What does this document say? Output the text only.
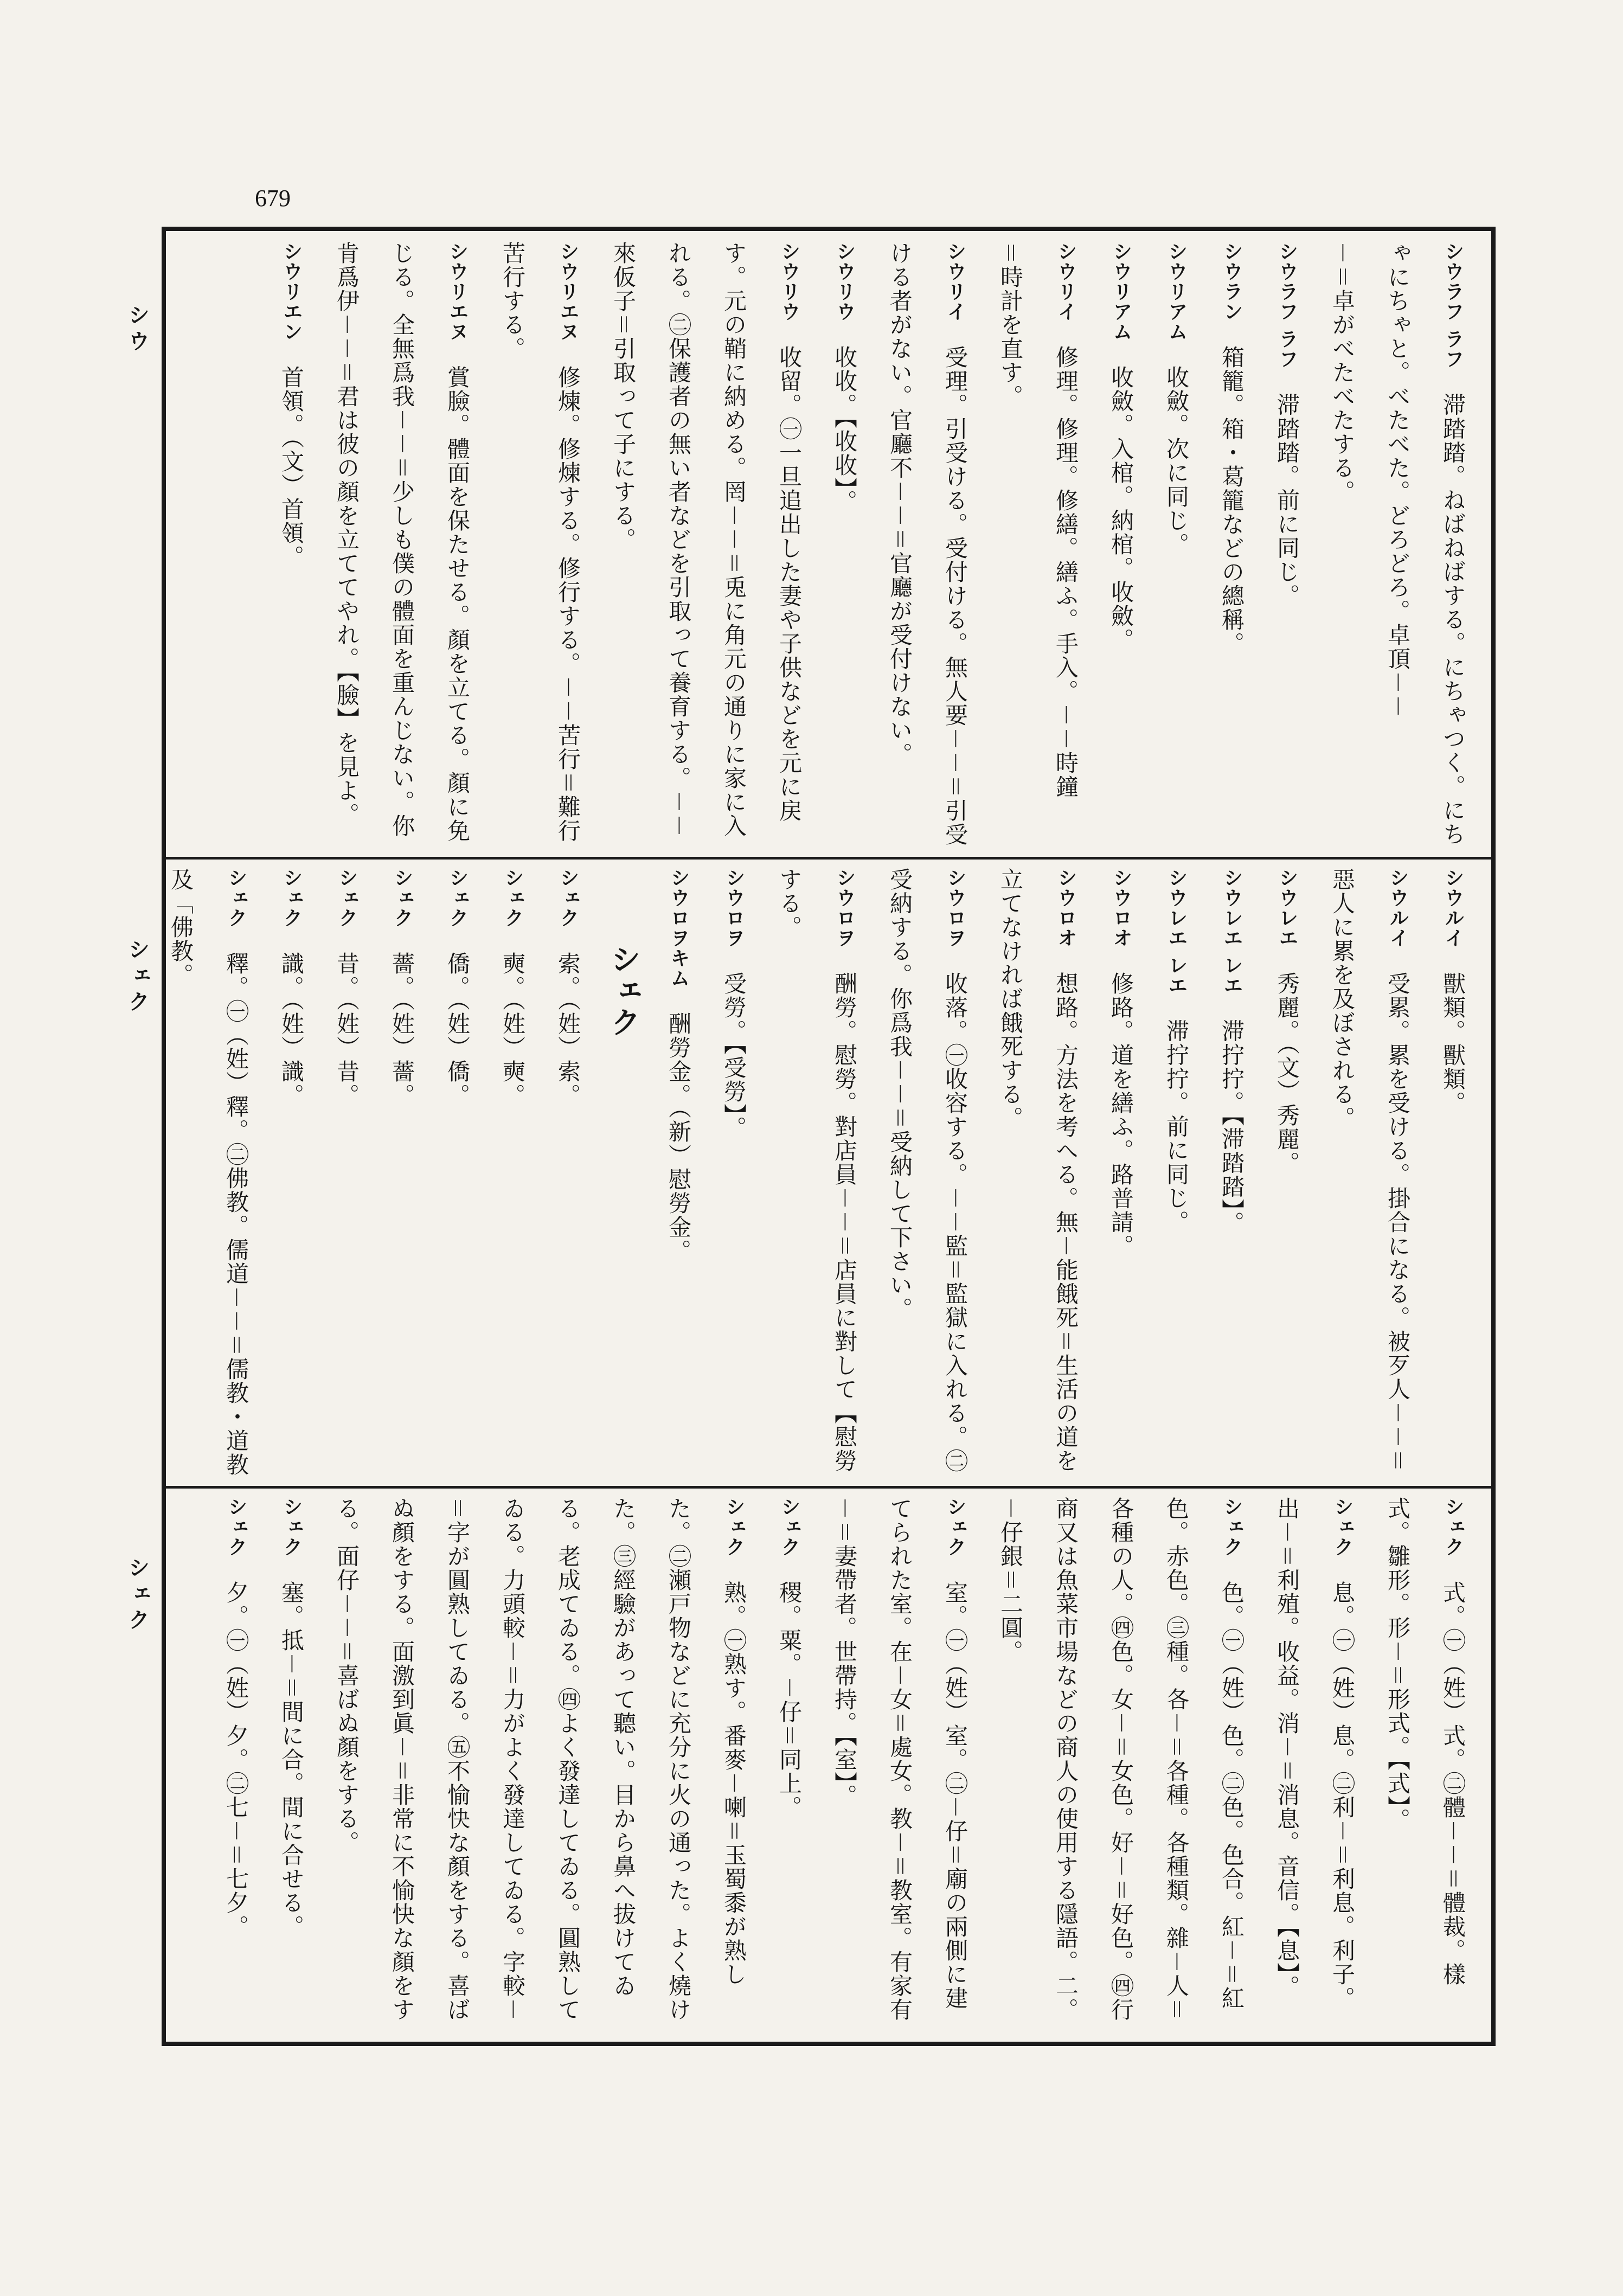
679
シウ
シェク
シェク
シウラフ ラフ　滞踏踏。ねばねばする。にちゃつく。にちゃにちゃと。べたべた。どろどろ。卓頂－－
－＝卓がべたべたする。
シウラフ ラフ　滞踏踏。前に同じ。
シウラン　箱籠。箱・葛籠などの總稱。
シウリアム　收斂。次に同じ。
シウリアム　收斂。入棺。納棺。收斂。
シウリイ　修理。修理。修繕。繕ふ。手入。－－時鐘
＝時計を直す。
シウリイ　受理。引受ける。受付ける。無人要－－＝引受ける者がない。官廳不－－＝官廳が受付けない。
シウリウ　收收。【收收】。
シウリウ　收留。㊀一旦追出した妻や子供などを元に戻す。元の鞘に納める。罔－－＝兎に角元の通りに家に入れる。㊁保護者の無い者などを引取って養育する。－－來仮子＝引取って子にする。
シウリエヌ　修煉。修煉する。修行する。－－苦行＝難行苦行する。
シウリエヌ　賞臉。體面を保たせる。顏を立てる。顏に免じる。全無爲我－－＝少しも僕の體面を重んじない。你肯爲伊－－＝君は彼の顏を立ててやれ。【臉】を見よ。
シウリエン　首領。（文）首領。
シウルイ　獸類。獸類。
シウルイ　受累。累を受ける。掛合になる。被歹人－－＝惡人に累を及ぼされる。
シウレエ　秀麗。（文）秀麗。
シウレエ レエ　滞拧拧。【滞踏踏】。
シウレエ レエ　滞拧拧。前に同じ。
シウロオ　修路。道を繕ふ。路普請。
シウロオ　想路。方法を考へる。無－能餓死＝生活の道を立てなければ餓死する。
シウロヲ　收落。㊀收容する。－－監＝監獄に入れる。㊁受納する。你爲我－－＝受納して下さい。
シウロヲ　酬勞。慰勞。對店員－－＝店員に對して【慰勞する。
シウロヲ　受勞。【受勞】。
シウロヲキム　酬勞金。（新）慰勞金。
シェク
シェク　索。（姓）索。
シェク　奭。（姓）奭。
シェク　僑。（姓）僑。
シェク　薔。（姓）薔。
シェク　昔。（姓）昔。
シェク　識。（姓）識。
シェク　釋。㊀（姓）釋。㊁佛教。儒道－－＝儒教・道教及「佛教。
シェク　式。㊀（姓）式。㊁體－－＝體裁。樣式。雛形。形－＝形式。【式】。
シェク　息。㊀（姓）息。㊁利－＝利息。利子。出－＝利殖。收益。消－＝消息。音信。【息】。
シェク　色。㊀（姓）色。㊁色。色合。紅－＝紅色。赤色。㊂種。各－＝各種。各種類。雜－人＝各種の人。㊃色。女－＝女色。好－＝好色。㊃行商又は魚菜市場などの商人の使用する隱語。二。－仔銀＝二圓。
シェク　室。㊀（姓）室。㊁－仔＝廟の兩側に建てられた室。在－女＝處女。教－＝教室。有家有－＝妻帶者。世帶持。【室】。
シェク　稷。粟。－仔＝同上。
シェク　熟。㊀熟す。番麥－喇＝玉蜀黍が熟した。㊁瀬戸物などに充分に火の通った。よく燒けた。㊂經驗があって聽い。目から鼻へ拔けてゐる。老成てゐる。㊃よく發達してゐる。圓熟してゐる。力頭較－＝力がよく發達してゐる。字較－＝字が圓熟してゐる。㊄不愉快な顏をする。喜ばぬ顏をする。面激到眞－＝非常に不愉快な顏をする。面仔－－＝喜ばぬ顏をする。
シェク　塞。抵－＝間に合。間に合せる。
シェク　夕。㊀（姓）夕。㊁七－＝七夕。
